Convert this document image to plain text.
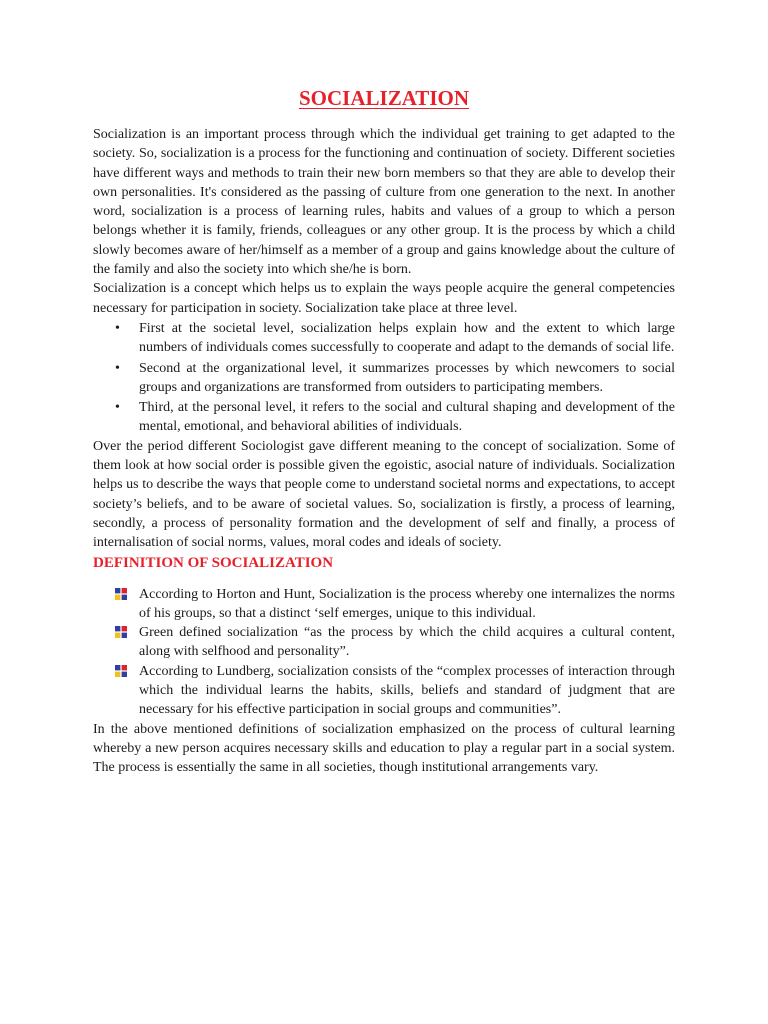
SOCIALIZATION

Socialization is an important process through which the individual get training to get adapted to the society. So, socialization is a process for the functioning and continuation of society. Different societies have different ways and methods to train their new born members so that they are able to develop their own personalities. It's considered as the passing of culture from one generation to the next. In another word, socialization is a process of learning rules, habits and values of a group to which a person belongs whether it is family, friends, colleagues or any other group. It is the process by which a child slowly becomes aware of her/himself as a member of a group and gains knowledge about the culture of the family and also the society into which she/he is born.

Socialization is a concept which helps us to explain the ways people acquire the general competencies necessary for participation in society. Socialization take place at three level.

• First at the societal level, socialization helps explain how and the extent to which large numbers of individuals comes successfully to cooperate and adapt to the demands of social life.
• Second at the organizational level, it summarizes processes by which newcomers to social groups and organizations are transformed from outsiders to participating members.
• Third, at the personal level, it refers to the social and cultural shaping and development of the mental, emotional, and behavioral abilities of individuals.

Over the period different Sociologist gave different meaning to the concept of socialization. Some of them look at how social order is possible given the egoistic, asocial nature of individuals. Socialization helps us to describe the ways that people come to understand societal norms and expectations, to accept society’s beliefs, and to be aware of societal values. So, socialization is firstly, a process of learning, secondly, a process of personality formation and the development of self and finally, a process of internalisation of social norms, values, moral codes and ideals of society.

DEFINITION OF SOCIALIZATION
According to Horton and Hunt, Socialization is the process whereby one internalizes the norms of his groups, so that a distinct ‘self emerges, unique to this individual.
Green defined socialization “as the process by which the child acquires a cultural content, along with selfhood and personality”.
According to Lundberg, socialization consists of the “complex processes of interaction through which the individual learns the habits, skills, beliefs and standard of judgment that are necessary for his effective participation in social groups and communities”.

In the above mentioned definitions of socialization emphasized on the process of cultural learning whereby a new person acquires necessary skills and education to play a regular part in a social system. The process is essentially the same in all societies, though institutional arrangements vary.
